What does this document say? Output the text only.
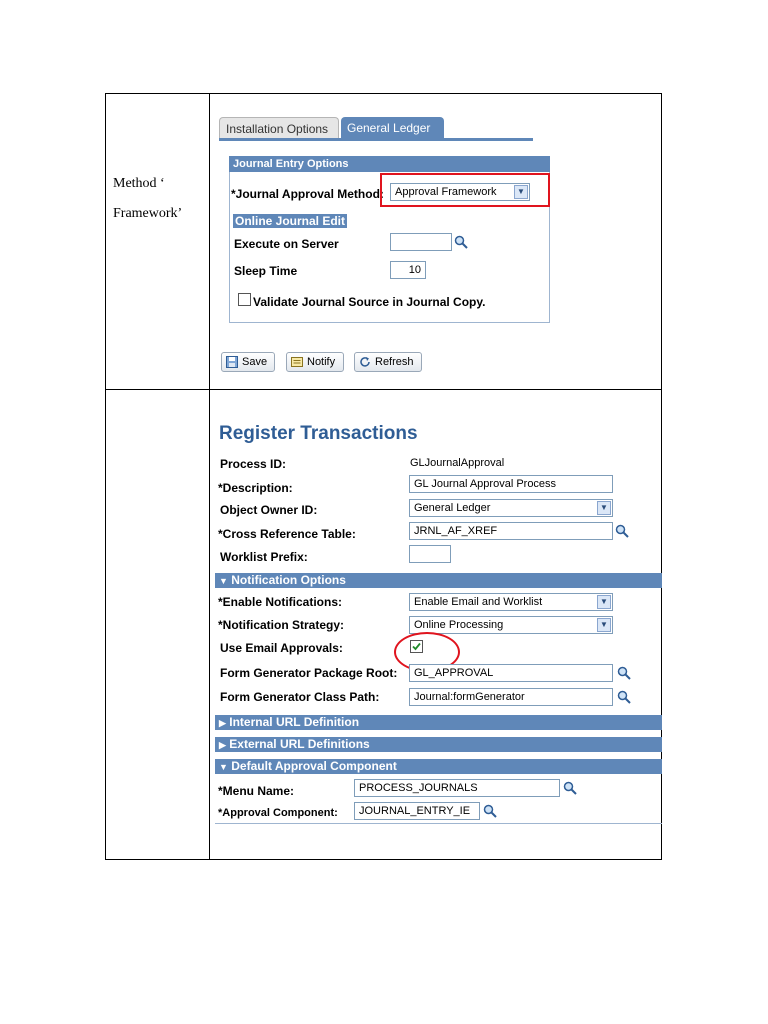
Method ‘
Framework’
Installation Options	General Ledger
Journal Entry Options
*Journal Approval Method:	Approval Framework	▼
Online Journal Edit
Execute on Server
Sleep Time	10
Validate Journal Source in Journal Copy.
Save	Notify	Refresh
Register Transactions
Process ID:	GLJournalApproval
*Description:	GL Journal Approval Process
Object Owner ID:	General Ledger	▼
*Cross Reference Table:	JRNL_AF_XREF
Worklist Prefix:
▼ Notification Options
*Enable Notifications:	Enable Email and Worklist	▼
*Notification Strategy:	Online Processing	▼
Use Email Approvals:
Form Generator Package Root:	GL_APPROVAL
Form Generator Class Path:	Journal:formGenerator
▶ Internal URL Definition
▶ External URL Definitions
▼ Default Approval Component
*Menu Name:	PROCESS_JOURNALS
*Approval Component:	JOURNAL_ENTRY_IE
